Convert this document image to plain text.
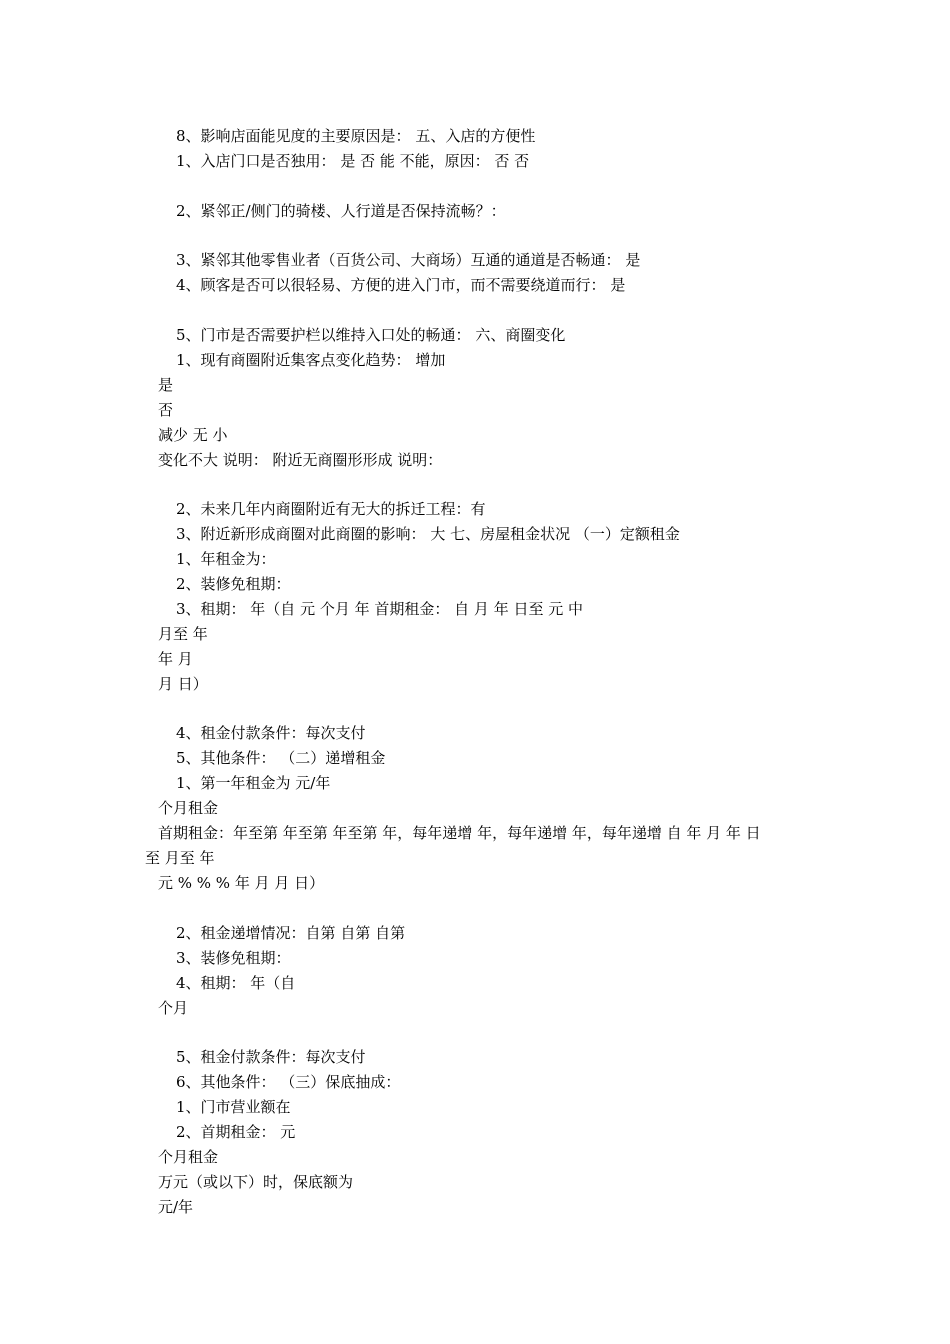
8、影响店面能见度的主要原因是： 五、入店的方便性
1、入店门口是否独用： 是 否 能 不能，原因： 否 否
2、紧邻正/侧门的骑楼、人行道是否保持流畅？：
3、紧邻其他零售业者（百货公司、大商场）互通的通道是否畅通： 是
4、顾客是否可以很轻易、方便的进入门市，而不需要绕道而行： 是
5、门市是否需要护栏以维持入口处的畅通： 六、商圈变化
1、现有商圈附近集客点变化趋势： 增加
是
否
减少 无 小
变化不大 说明： 附近无商圈形形成 说明：
2、未来几年内商圈附近有无大的拆迁工程：有
3、附近新形成商圈对此商圈的影响： 大 七、房屋租金状况 （一）定额租金
1、年租金为：
2、装修免租期：
3、租期： 年（自 元 个月 年 首期租金： 自 月 年 日至 元 中
月至 年
年 月
月 日）
4、租金付款条件：每次支付
5、其他条件： （二）递增租金
1、第一年租金为 元/年
个月租金
首期租金：年至第 年至第 年至第 年，每年递增 年，每年递增 年，每年递增 自 年 月 年 日
至 月至 年
元 % % % 年 月 月 日）
2、租金递增情况：自第 自第 自第
3、装修免租期：
4、租期： 年（自
个月
5、租金付款条件：每次支付
6、其他条件： （三）保底抽成：
1、门市营业额在
2、首期租金： 元
个月租金
万元（或以下）时，保底额为
元/年
